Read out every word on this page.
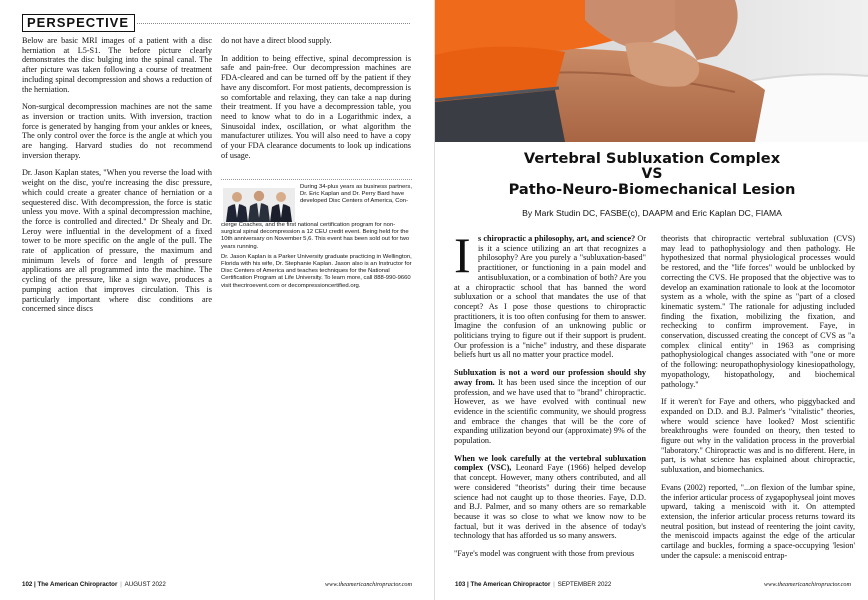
PERSPECTIVE

Below are basic MRI images of a patient with a disc herniation at L5-S1. The before picture clearly demonstrates the disc bulging into the spinal canal. The after picture was taken following a course of treatment including spinal decompression and shows a reduction of the herniation.

Non-surgical decompression machines are not the same as inversion or traction units. With inversion, traction force is generated by hanging from your ankles or knees, The only control over the force is the angle at which you are hanging. Harvard studies do not recommend inversion therapy.

Dr. Jason Kaplan states, "When you reverse the load with weight on the disc, you're increasing the disc pressure, which could create a greater chance of herniation or a sequestered disc. With decompression, the force is static unless you move. With a spinal decompression machine, the force is controlled and directed." Dr Shealy and Dr. Leroy were influential in the development of a fixed tower to be more specific on the angle of the pull. The rate of application of pressure, the maximum and minimum levels of force and length of pressure applications are all programmed into the machine. The cycling of the pressure, like a sign wave, produces a pumping action that improves circulation. This is particularly important where disc conditions are concerned since discs

do not have a direct blood supply.

In addition to being effective, spinal decompression is safe and pain-free. Our decompression machines are FDA-cleared and can be turned off by the patient if they have any discomfort. For most patients, decompression is so comfortable and relaxing, they can take a nap during their treatment. If you have a decompression table, you need to know what to do in a Logarithmic index, a Sinusoidal index, oscillation, or what algorithm the manufacturer utilizes. You will also need to have a copy of your FDA clearance documents to look up indications of usage.

During 34-plus years as business partners, Dr. Eric Kaplan and Dr. Perry Bard have developed Disc Centers of America, Con-

cierge Coaches, and the first national certification program for non-surgical spinal decompression a 12 CEU credit event. Being held for the 10th anniversary on November 5,6. This event has been sold out for two years running.

Dr. Jason Kaplan is a Parker University graduate practicing in Wellington, Florida with his wife, Dr. Stephanie Kaplan. Jason also is an Instructor for Disc Centers of America and teaches techniques for the National Certification Program at Life University. To learn more, call 888-990-9660 visit thecriroevent.com or decompressioncertified.org.

102 | The American Chiropractor | AUGUST 2022	www.theamericanchiropractor.com
Vertebral Subluxation Complex
VS
Patho-Neuro-Biomechanical Lesion
By Mark Studin DC, FASBE(c), DAAPM and Eric Kaplan DC, FIAMA

Is chiropractic a philosophy, art, and science? Or is it a science utilizing an art that recognizes a philosophy? Are you purely a "subluxation-based" practitioner, or functioning in a pain model and antisubluxation, or a combination of both? Are you at a chiropractic school that has banned the word subluxation or a school that mandates the use of that concept? As I pose those questions to chiropractic practitioners, it is too often confusing for them to answer. Imagine the confusion of an unknowing public or politicians trying to figure out if their support is prudent. Our profession is a "niche" industry, and these disparate beliefs hurt us all no matter your practice model.

Subluxation is not a word our profession should shy away from. It has been used since the inception of our profession, and we have used that to "brand" chiropractic. However, as we have evolved with continual new evidence in the scientific community, we should progress and embrace the changes that will be the core of expanding utilization beyond our (approximate) 9% of the population.

When we look carefully at the vertebral subluxation complex (VSC), Leonard Faye (1966) helped develop that concept. However, many others contributed, and all were considered "theorists" during their time because science had not caught up to those theories. Faye, D.D. and B.J. Palmer, and so many others are so remarkable because it was so close to what we know now to be factual, but it was derived in the absence of today's technology that has afforded us so many answers.

"Faye's model was congruent with those from previous

theorists that chiropractic vertebral subluxation (CVS) may lead to pathophysiology and then pathology. He hypothesized that normal physiological processes would be restored, and the "life forces" would be unblocked by correcting the CVS. He proposed that the objective was to develop an examination rationale to look at the locomotor system as a whole, with the spine as "part of a closed kinematic system." The rationale for adjusting included finding the fixation, mobilizing the fixation, and rechecking to confirm improvement. Faye, in conservation, discussed creating the concept of CVS as "a complex clinical entity" in 1963 as comprising pathophysiological changes associated with "one or more of the following: neuropathophysiology kinesiopathology, myopathology, histopathology, and biochemical pathology."

If it weren't for Faye and others, who piggybacked and expanded on D.D. and B.J. Palmer's "vitalistic" theories, where would science have looked? Most scientific breakthroughs were founded on theory, then tested to figure out why in the validation process in the proverbial "laboratory." Chiropractic was and is no different. Here, in part, is what science has explained about chiropractic, subluxation, and biomechanics.

Evans (2002) reported, "...on flexion of the lumbar spine, the inferior articular process of zygapophyseal joint moves upward, taking a meniscoid with it. On attempted extension, the inferior articular process returns toward its neutral position, but instead of reentering the joint cavity, the meniscoid impacts against the edge of the articular cartilage and buckles, forming a space-occupying 'lesion' under the capsule: a meniscoid entrap-

103 | The American Chiropractor | SEPTEMBER 2022	www.theamericanchiropractor.com
